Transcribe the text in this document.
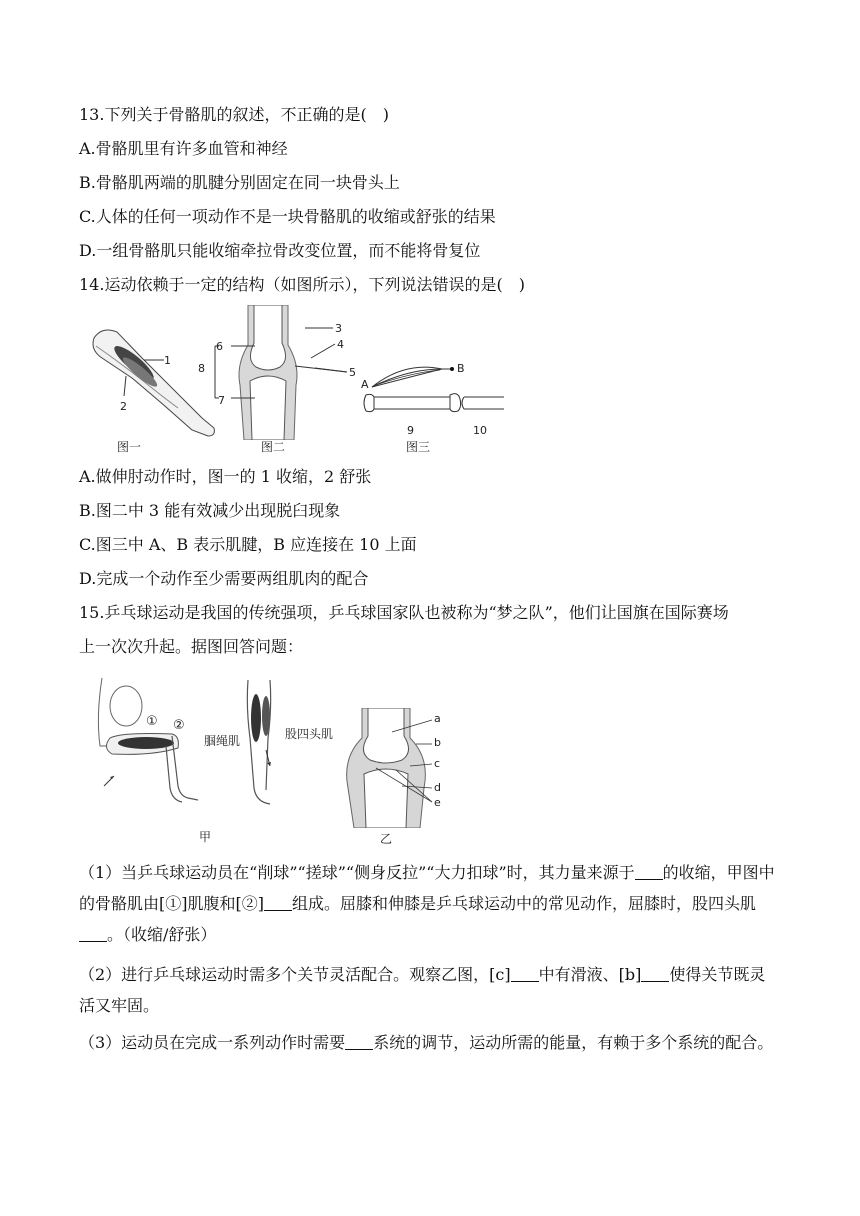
13.下列关于骨骼肌的叙述，不正确的是(　)
A.骨骼肌里有许多血管和神经
B.骨骼肌两端的肌腱分别固定在同一块骨头上
C.人体的任何一项动作不是一块骨骼肌的收缩或舒张的结果
D.一组骨骼肌只能收缩牵拉骨改变位置，而不能将骨复位
14.运动依赖于一定的结构（如图所示），下列说法错误的是(　)
1
2
图一
3
4
5
6
7
8
图二
A
B
9	10
图三
A.做伸肘动作时，图一的 1 收缩，2 舒张
B.图二中 3 能有效减少出现脱臼现象
C.图三中 A、B 表示肌腱，B 应连接在 10 上面
D.完成一个动作至少需要两组肌肉的配合
15.乒乓球运动是我国的传统强项，乒乓球国家队也被称为“梦之队”，他们让国旗在国际赛场
上一次次升起。据图回答问题：
① ②
腘绳肌	股四头肌
甲
a
b
c
d
e
乙
（1）当乒乓球运动员在“削球”“搓球”“侧身反拉”“大力扣球”时，其力量来源于 的收缩，甲图中的骨骼肌由[①]肌腹和[②] 组成。屈膝和伸膝是乒乓球运动中的常见动作，屈膝时，股四头肌。（收缩/舒张）
（2）进行乒乓球运动时需多个关节灵活配合。观察乙图，[c] 中有滑液、[b] 使得关节既灵活又牢固。
（3）运动员在完成一系列动作时需要 系统的调节，运动所需的能量，有赖于多个系统的配合。
